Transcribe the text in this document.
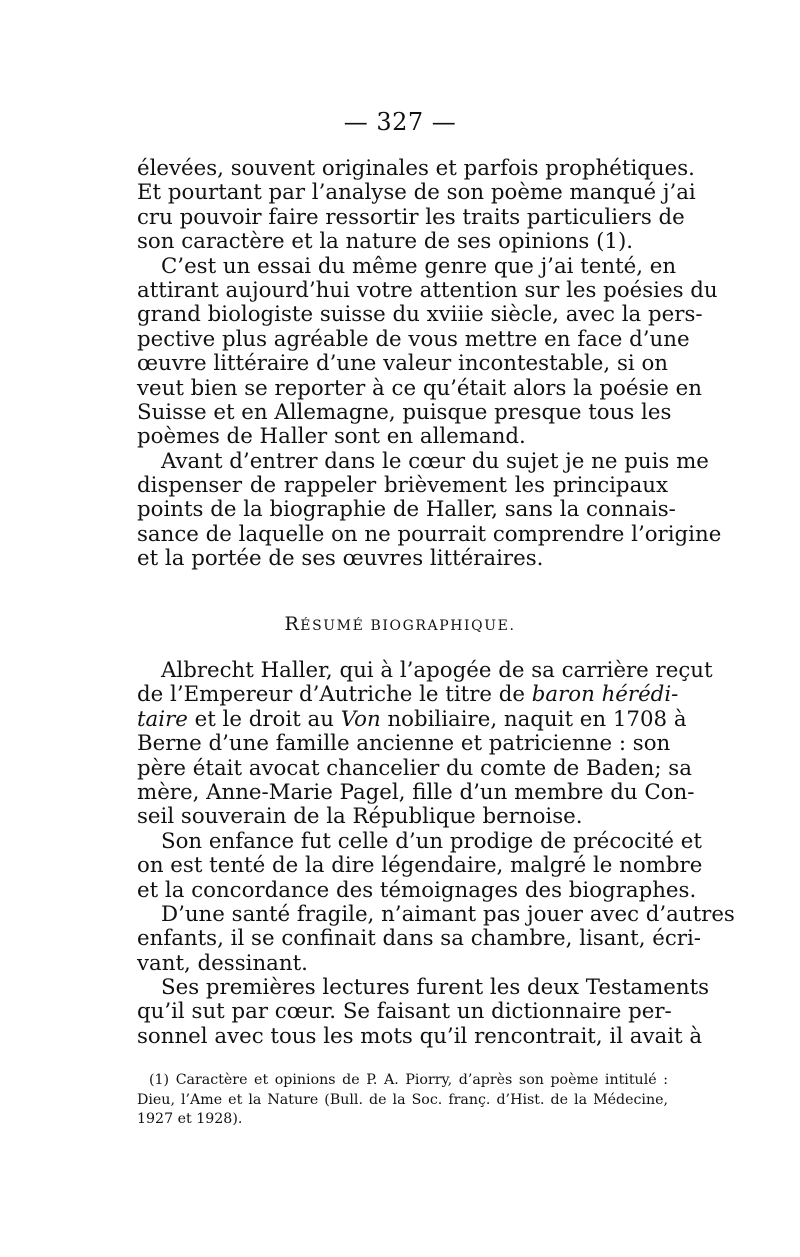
— 327 —
élevées, souvent originales et parfois prophétiques.
Et pourtant par l’analyse de son poème manqué j’ai
cru pouvoir faire ressortir les traits particuliers de
son caractère et la nature de ses opinions (1).
C’est un essai du même genre que j’ai tenté, en
attirant aujourd’hui votre attention sur les poésies du
grand biologiste suisse du xviiie siècle, avec la pers-
pective plus agréable de vous mettre en face d’une
œuvre littéraire d’une valeur incontestable, si on
veut bien se reporter à ce qu’était alors la poésie en
Suisse et en Allemagne, puisque presque tous les
poèmes de Haller sont en allemand.
Avant d’entrer dans le cœur du sujet je ne puis me
dispenser de rappeler brièvement les principaux
points de la biographie de Haller, sans la connais-
sance de laquelle on ne pourrait comprendre l’origine
et la portée de ses œuvres littéraires.
RÉSUMÉ BIOGRAPHIQUE.
Albrecht Haller, qui à l’apogée de sa carrière reçut
de l’Empereur d’Autriche le titre de baron hérédi-
taire et le droit au Von nobiliaire, naquit en 1708 à
Berne d’une famille ancienne et patricienne : son
père était avocat chancelier du comte de Baden; sa
mère, Anne-Marie Pagel, fille d’un membre du Con-
seil souverain de la République bernoise.
Son enfance fut celle d’un prodige de précocité et
on est tenté de la dire légendaire, malgré le nombre
et la concordance des témoignages des biographes.
D’une santé fragile, n’aimant pas jouer avec d’autres
enfants, il se confinait dans sa chambre, lisant, écri-
vant, dessinant.
Ses premières lectures furent les deux Testaments
qu’il sut par cœur. Se faisant un dictionnaire per-
sonnel avec tous les mots qu’il rencontrait, il avait à
(1) Caractère et opinions de P. A. Piorry, d’après son poème intitulé :
Dieu, l’Ame et la Nature (Bull. de la Soc. franç. d’Hist. de la Médecine,
1927 et 1928).
